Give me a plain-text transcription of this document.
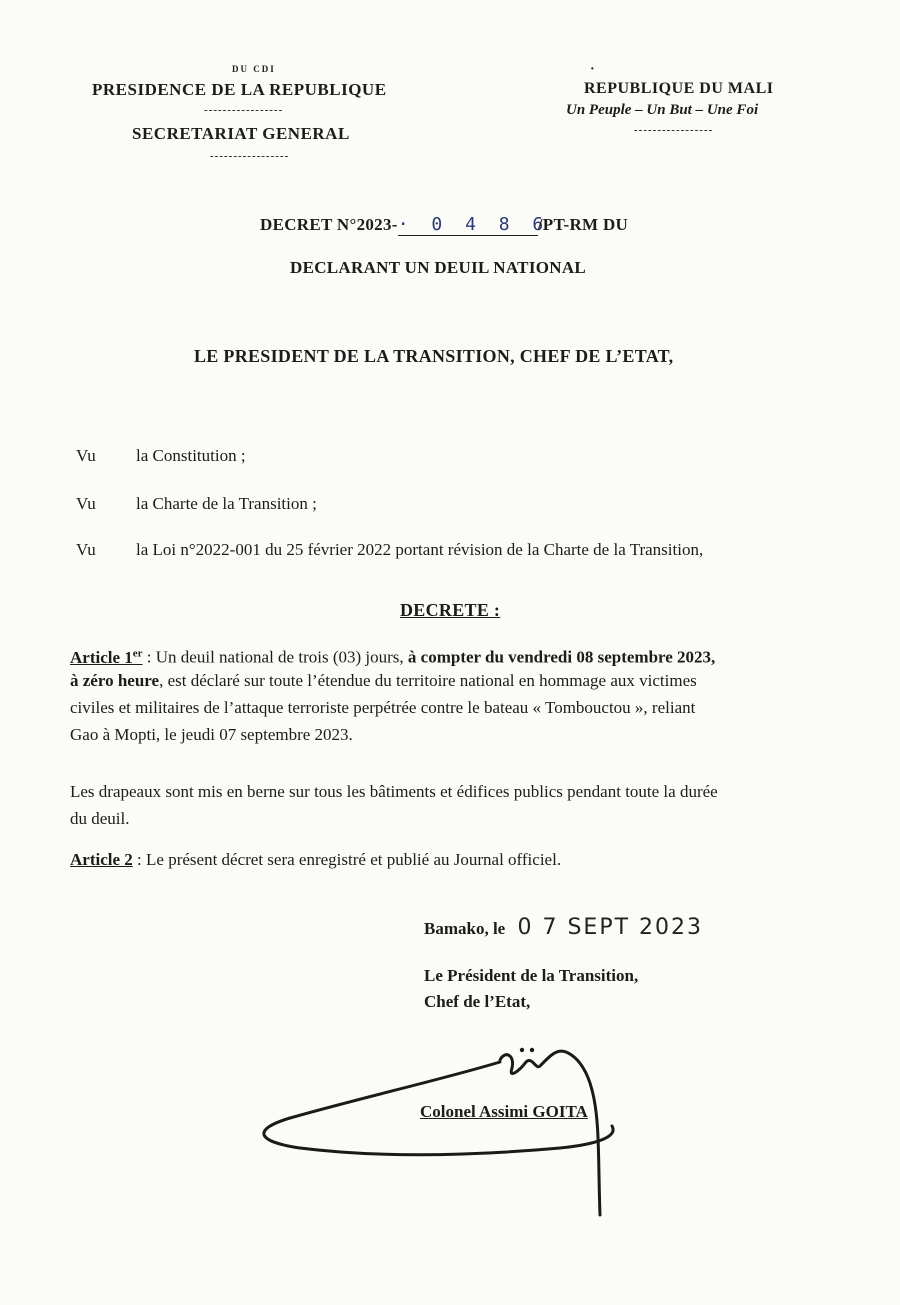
DU CDI
PRESIDENCE DE LA REPUBLIQUE
-----------------
SECRETARIAT GENERAL
-----------------
·
REPUBLIQUE DU MALI
Un Peuple – Un But – Une Foi
-----------------
DECRET N°2023-· 0 4 8 6/PT-RM DU
DECLARANT UN DEUIL NATIONAL
LE PRESIDENT DE LA TRANSITION, CHEF DE L’ETAT,
Vu la Constitution ;
Vu la Charte de la Transition ;
Vu la Loi n°2022-001 du 25 février 2022 portant révision de la Charte de la Transition,
DECRETE :
Article 1er : Un deuil national de trois (03) jours, à compter du vendredi 08 septembre 2023,
à zéro heure, est déclaré sur toute l’étendue du territoire national en hommage aux victimes
civiles et militaires de l’attaque terroriste perpétrée contre le bateau « Tombouctou », reliant
Gao à Mopti, le jeudi 07 septembre 2023.
Les drapeaux sont mis en berne sur tous les bâtiments et édifices publics pendant toute la durée
du deuil.
Article 2 : Le présent décret sera enregistré et publié au Journal officiel.
Bamako, le 0 7 SEPT 2023
Le Président de la Transition,
Chef de l’Etat,
Colonel Assimi GOITA
